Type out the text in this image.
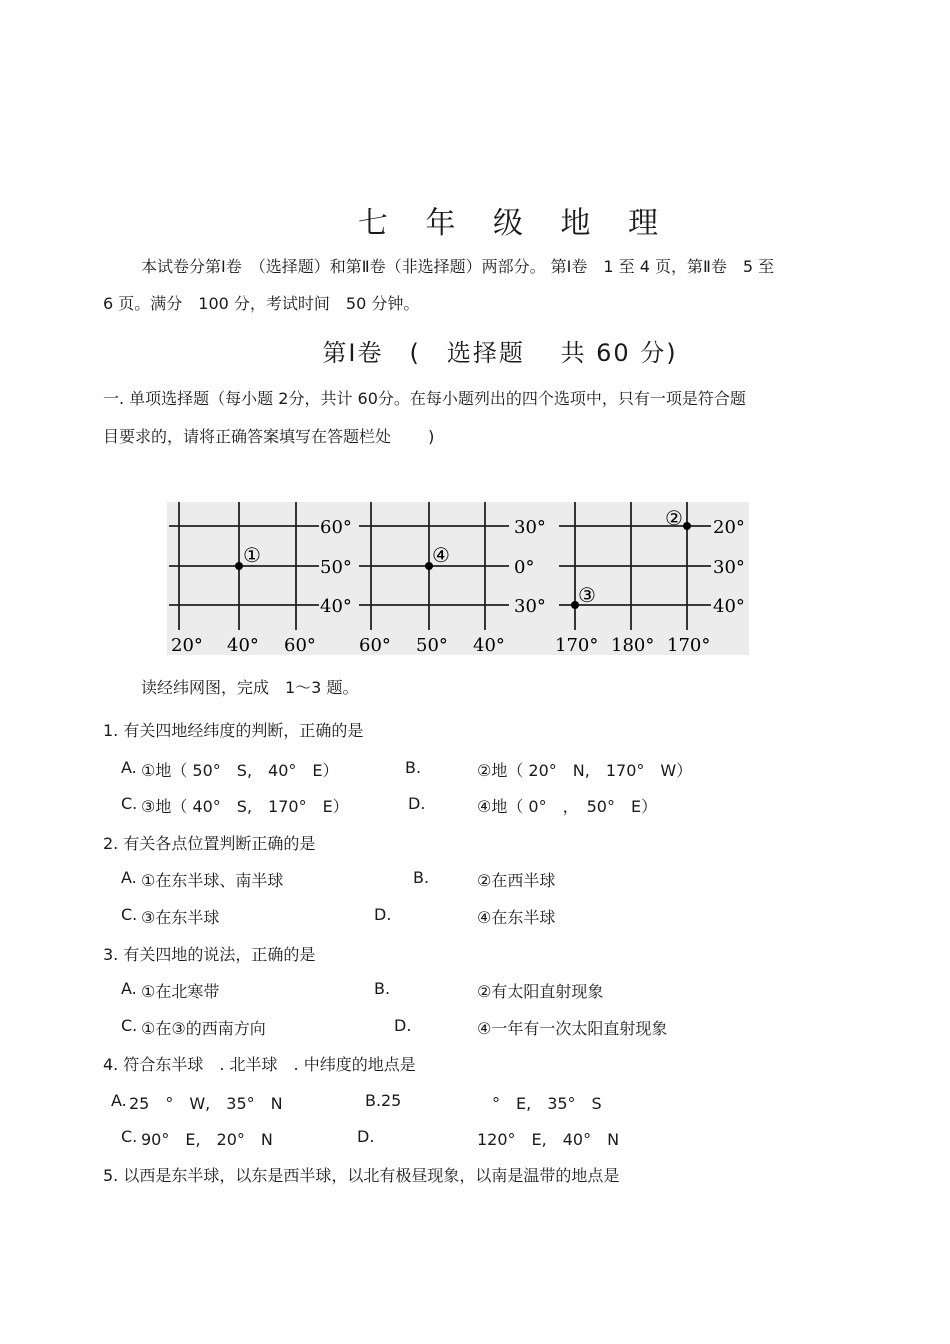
七 年 级 地 理
本试卷分第Ⅰ卷　（选择题）和第Ⅱ卷（非选择题）两部分。 第Ⅰ卷　1 至 4 页，第Ⅱ卷　5 至
6 页。满分　100 分，考试时间　50 分钟。
第Ⅰ卷　(　选择题　 共 60 分)
一. 单项选择题（每小题 2分，共计 60分。在每小题列出的四个选项中，只有一项是符合题
目要求的，请将正确答案填写在答题栏处　　 )
60°
50°
40°
30°
0°
30°
20°
30°
40°
20° 40° 60° 60° 50° 40°	170° 180° 170°
①	④
②
③
读经纬网图，完成　1～3 题。
1. 有关四地经纬度的判断，正确的是
A. ①地（ 50°　S,　40°　E）	B.	②地（ 20°　N,　170°　W）
C. ③地（ 40°　S,　170°　E）	D.	④地（ 0°　，　50°　E）
2. 有关各点位置判断正确的是
A. ①在东半球、南半球	B.	②在西半球
C. ③在东半球	D.	④在东半球
3. 有关四地的说法，正确的是
A. ①在北寒带	B.	②有太阳直射现象
C. ①在③的西南方向	D.	④一年有一次太阳直射现象
4. 符合东半球　. 北半球　. 中纬度的地点是
A. 25　°　W,　35°　N	B. 25	°　E,　35°　S
C. 90°　E,　20°　N	D.	120°　E,　40°　N
5. 以西是东半球，以东是西半球，以北有极昼现象，以南是温带的地点是
